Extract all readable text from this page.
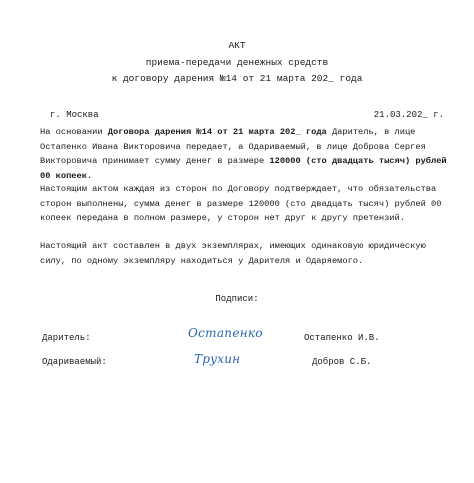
АКТ
приема-передачи денежных средств
к договору дарения №14 от 21 марта 202_ года
г. Москва	21.03.202_ г.
На основании Договора дарения №14 от 21 марта 202_ года Даритель, в лице Остапенко Ивана Викторовича передает, а Одариваемый, в лице Доброва Сергея Викторовича принимает сумму денег в размере 120000 (сто двадцать тысяч) рублей 00 копеек.
Настоящим актом каждая из сторон по Договору подтверждает, что обязательства сторон выполнены, сумма денег в размере 120000 (сто двадцать тысяч) рублей 00 копеек передана в полном размере, у сторон нет друг к другу претензий.
Настоящий акт составлен в двух экземплярах, имеющих одинаковую юридическую силу, по одному экземпляру находиться у Дарителя и Одаряемого.
Подписи:
Даритель:	Остапенко	Остапенко И.В.
Одариваемый:	Трухин	Добров С.Б.
